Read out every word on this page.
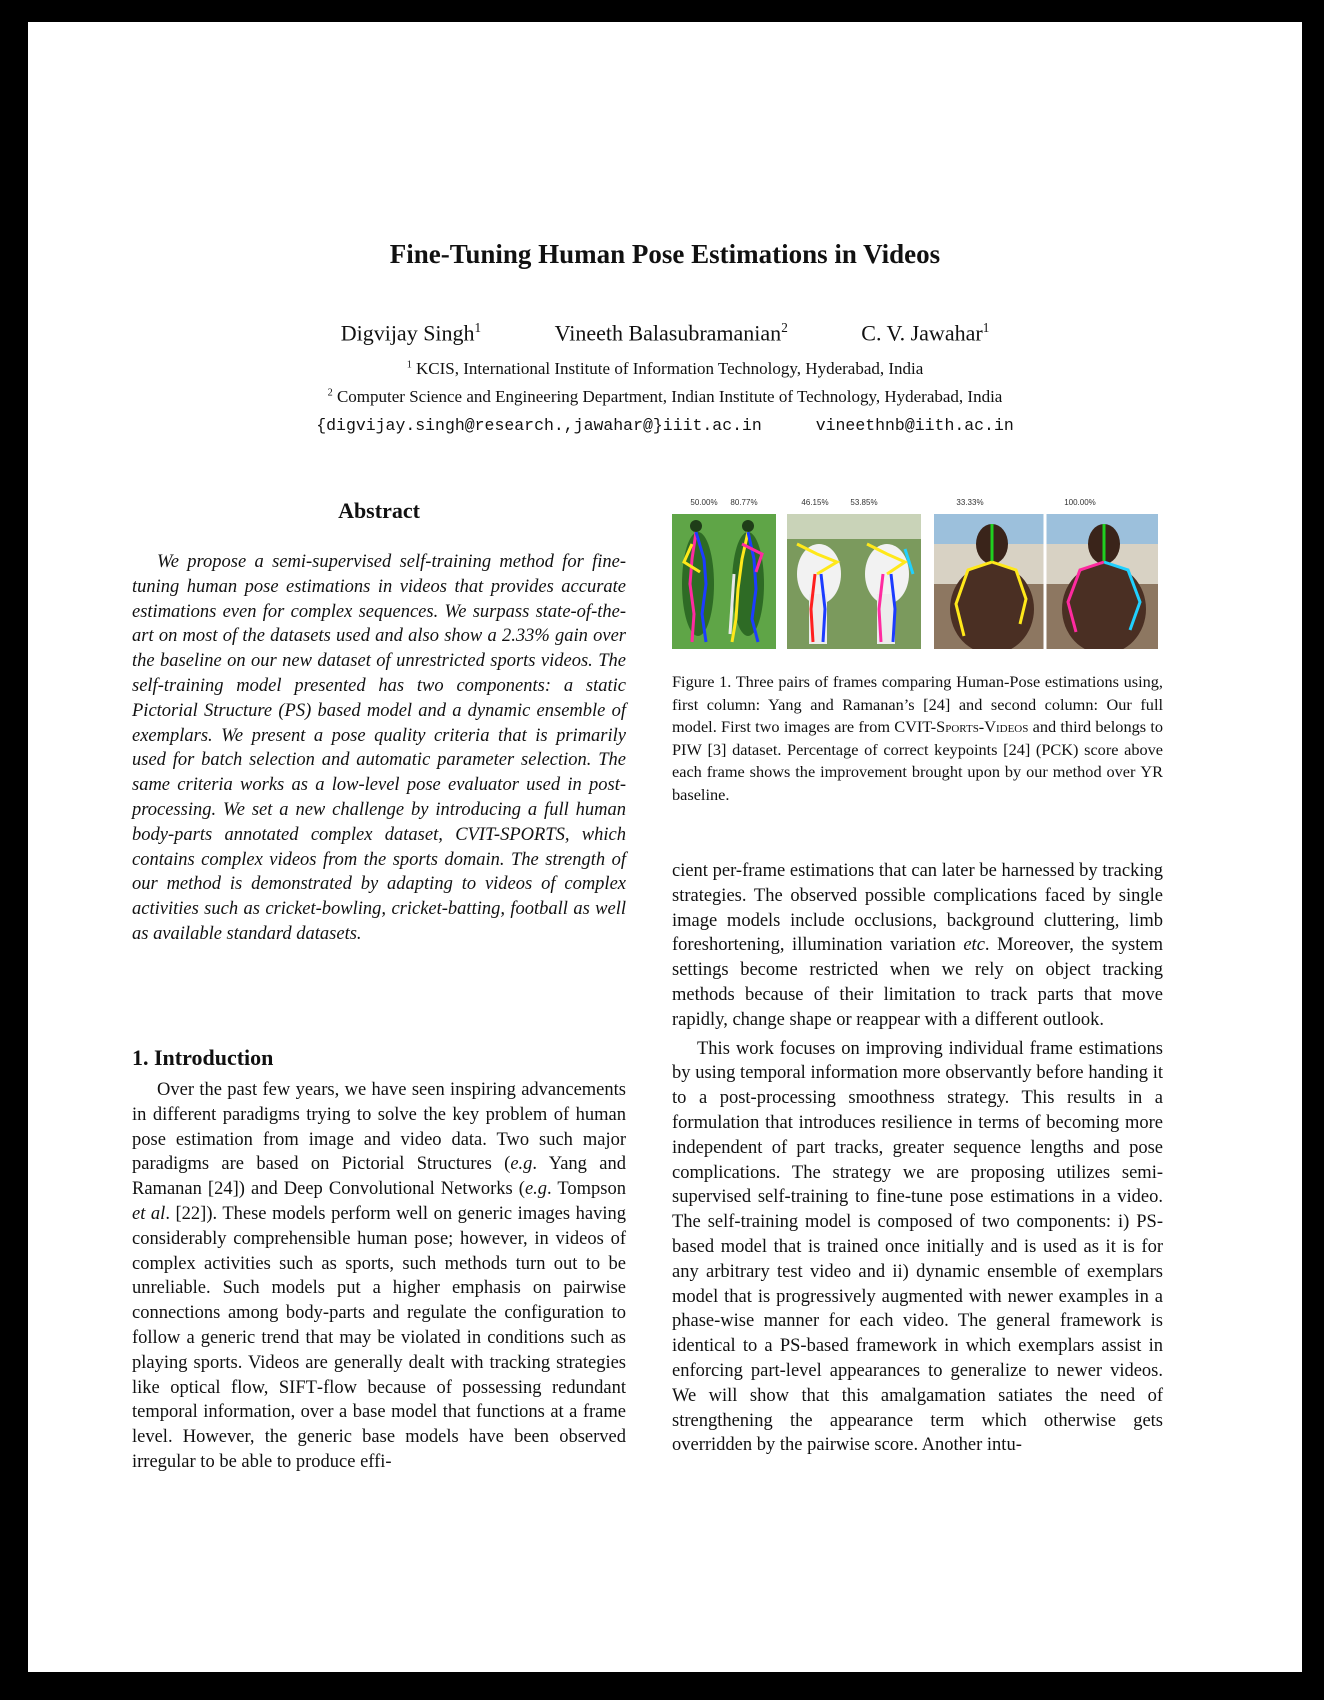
Fine-Tuning Human Pose Estimations in Videos
Digvijay Singh$^1$	Vineeth Balasubramanian$^2$	C. V. Jawahar$^1$
$^1$ KCIS, International Institute of Information Technology, Hyderabad, India
$^2$ Computer Science and Engineering Department, Indian Institute of Technology, Hyderabad, India
{digvijay.singh@research.,jawahar@}iiit.ac.in	vineethnb@iith.ac.in
Abstract

We propose a semi-supervised self-training method for fine-tuning human pose estimations in videos that provides accurate estimations even for complex sequences. We surpass state-of-the-art on most of the datasets used and also show a 2.33% gain over the baseline on our new dataset of unrestricted sports videos. The self-training model presented has two components: a static Pictorial Structure (PS) based model and a dynamic ensemble of exemplars. We present a pose quality criteria that is primarily used for batch selection and automatic parameter selection. The same criteria works as a low-level pose evaluator used in post-processing. We set a new challenge by introducing a full human body-parts annotated complex dataset, CVIT-SPORTS, which contains complex videos from the sports domain. The strength of our method is demonstrated by adapting to videos of complex activities such as cricket-bowling, cricket-batting, football as well as available standard datasets.

1. Introduction

Over the past few years, we have seen inspiring advancements in different paradigms trying to solve the key problem of human pose estimation from image and video data. Two such major paradigms are based on Pictorial Structures (e.g. Yang and Ramanan [24]) and Deep Convolutional Networks (e.g. Tompson et al. [22]). These models perform well on generic images having considerably comprehensible human pose; however, in videos of complex activities such as sports, such methods turn out to be unreliable. Such models put a higher emphasis on pairwise connections among body-parts and regulate the configuration to follow a generic trend that may be violated in conditions such as playing sports. Videos are generally dealt with tracking strategies like optical flow, SIFT-flow because of possessing redundant temporal information, over a base model that functions at a frame level. However, the generic base models have been observed irregular to be able to produce effi-

50.00%	80.77%	46.15%	53.85%	33.33%	100.00%
Figure 1. Three pairs of frames comparing Human-Pose estimations using, first column: Yang and Ramanan’s [24] and second column: Our full model. First two images are from CVIT-Sports-Videos and third belongs to PIW [3] dataset. Percentage of correct keypoints [24] (PCK) score above each frame shows the improvement brought upon by our method over YR baseline.

cient per-frame estimations that can later be harnessed by tracking strategies. The observed possible complications faced by single image models include occlusions, background cluttering, limb foreshortening, illumination variation etc. Moreover, the system settings become restricted when we rely on object tracking methods because of their limitation to track parts that move rapidly, change shape or reappear with a different outlook.

This work focuses on improving individual frame estimations by using temporal information more observantly before handing it to a post-processing smoothness strategy. This results in a formulation that introduces resilience in terms of becoming more independent of part tracks, greater sequence lengths and pose complications. The strategy we are proposing utilizes semi-supervised self-training to fine-tune pose estimations in a video. The self-training model is composed of two components: i) PS-based model that is trained once initially and is used as it is for any arbitrary test video and ii) dynamic ensemble of exemplars model that is progressively augmented with newer examples in a phase-wise manner for each video. The general framework is identical to a PS-based framework in which exemplars assist in enforcing part-level appearances to generalize to newer videos. We will show that this amalgamation satiates the need of strengthening the appearance term which otherwise gets overridden by the pairwise score. Another intu-
